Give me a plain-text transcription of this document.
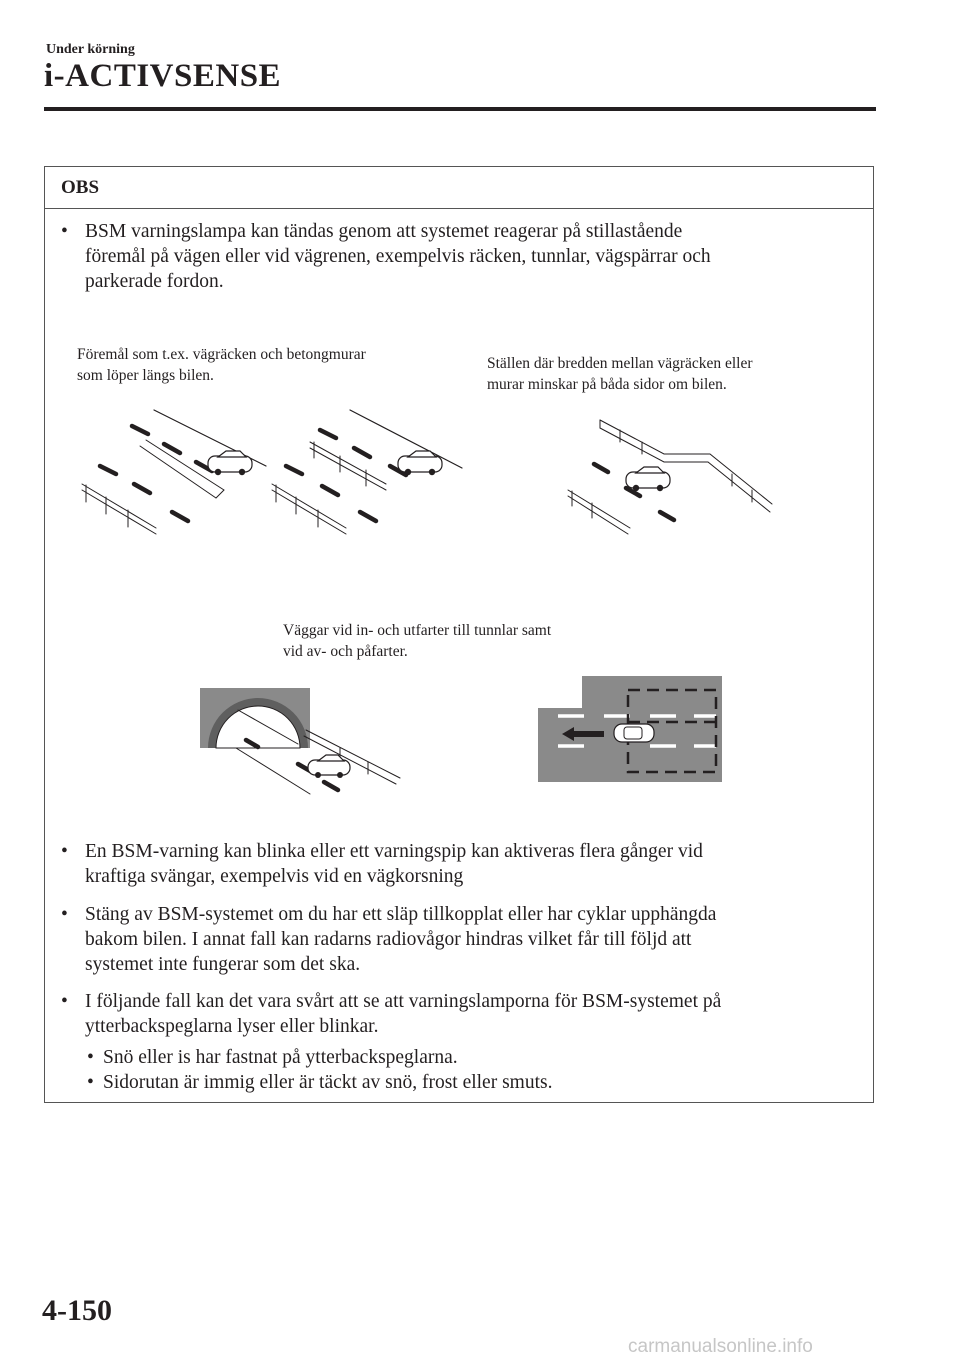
Under körning
i-ACTIVSENSE
OBS
• BSM varningslampa kan tändas genom att systemet reagerar på stillastående
föremål på vägen eller vid vägrenen, exempelvis räcken, tunnlar, vägspärrar och
parkerade fordon.
Föremål som t.ex. vägräcken och betongmurar
som löper längs bilen.
Ställen där bredden mellan vägräcken eller
murar minskar på båda sidor om bilen.
Väggar vid in- och utfarter till tunnlar samt
vid av- och påfarter.
• En BSM-varning kan blinka eller ett varningspip kan aktiveras flera gånger vid
kraftiga svängar, exempelvis vid en vägkorsning
• Stäng av BSM-systemet om du har ett släp tillkopplat eller har cyklar upphängda
bakom bilen. I annat fall kan radarns radiovågor hindras vilket får till följd att
systemet inte fungerar som det ska.
• I följande fall kan det vara svårt att se att varningslamporna för BSM-systemet på
ytterbackspeglarna lyser eller blinkar.
• Snö eller is har fastnat på ytterbackspeglarna.
• Sidorutan är immig eller är täckt av snö, frost eller smuts.
4-150
carmanualsonline.info
